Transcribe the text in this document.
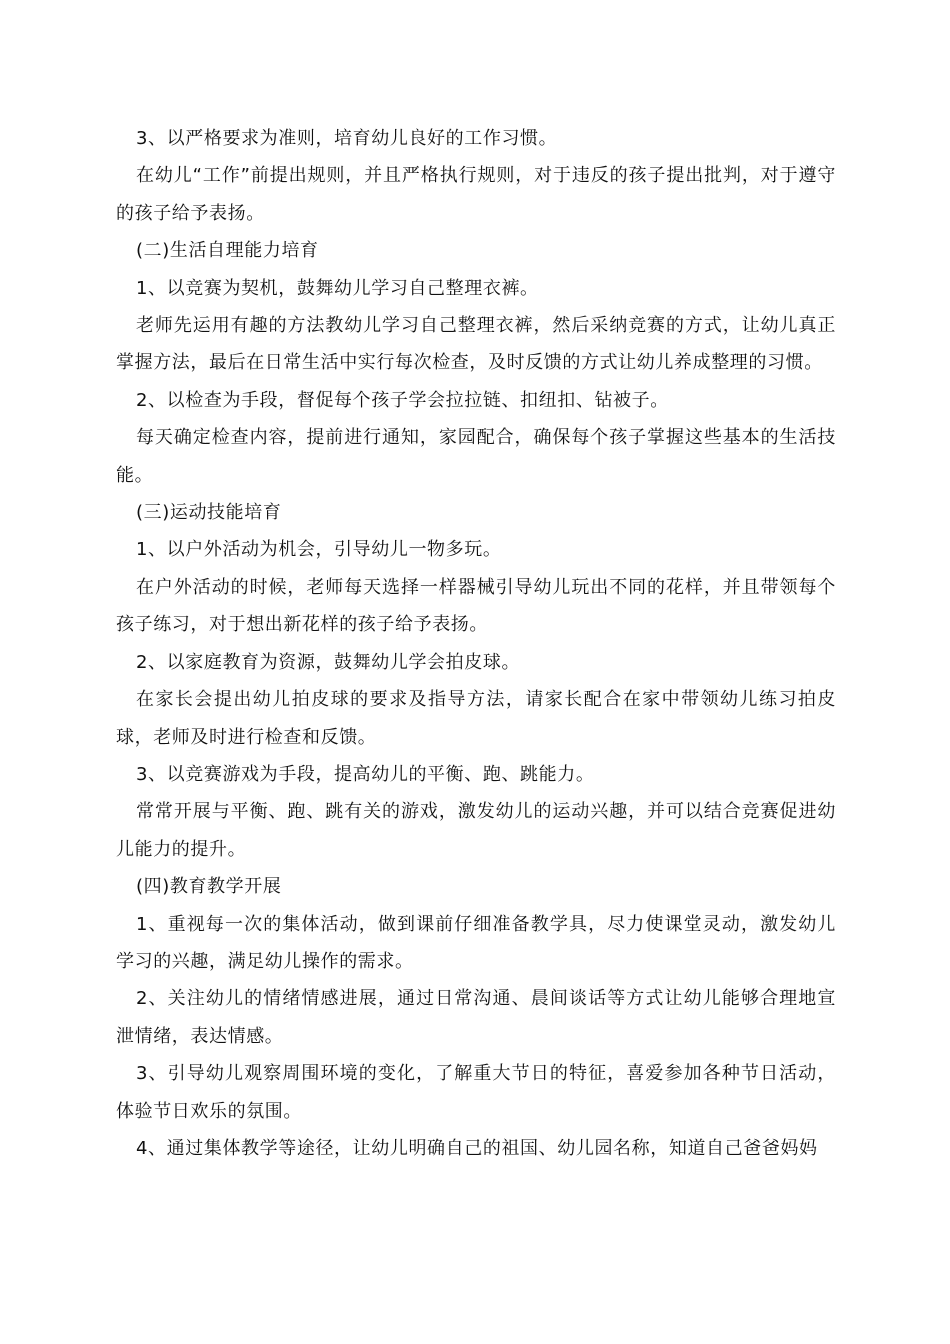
3、以严格要求为准则，培育幼儿良好的工作习惯。

在幼儿“工作”前提出规则，并且严格执行规则，对于违反的孩子提出批判，对于遵守的孩子给予表扬。

(二)生活自理能力培育

1、以竞赛为契机，鼓舞幼儿学习自己整理衣裤。

老师先运用有趣的方法教幼儿学习自己整理衣裤，然后采纳竞赛的方式，让幼儿真正掌握方法，最后在日常生活中实行每次检查，及时反馈的方式让幼儿养成整理的习惯。

2、以检查为手段，督促每个孩子学会拉拉链、扣纽扣、钻被子。

每天确定检查内容，提前进行通知，家园配合，确保每个孩子掌握这些基本的生活技能。

(三)运动技能培育

1、以户外活动为机会，引导幼儿一物多玩。

在户外活动的时候，老师每天选择一样器械引导幼儿玩出不同的花样，并且带领每个孩子练习，对于想出新花样的孩子给予表扬。

2、以家庭教育为资源，鼓舞幼儿学会拍皮球。

在家长会提出幼儿拍皮球的要求及指导方法，请家长配合在家中带领幼儿练习拍皮球，老师及时进行检查和反馈。

3、以竞赛游戏为手段，提高幼儿的平衡、跑、跳能力。

常常开展与平衡、跑、跳有关的游戏，激发幼儿的运动兴趣，并可以结合竞赛促进幼儿能力的提升。

(四)教育教学开展

1、重视每一次的集体活动，做到课前仔细准备教学具，尽力使课堂灵动，激发幼儿学习的兴趣，满足幼儿操作的需求。

2、关注幼儿的情绪情感进展，通过日常沟通、晨间谈话等方式让幼儿能够合理地宣泄情绪，表达情感。

3、引导幼儿观察周围环境的变化，了解重大节日的特征，喜爱参加各种节日活动，体验节日欢乐的氛围。

4、通过集体教学等途径，让幼儿明确自己的祖国、幼儿园名称，知道自己爸爸妈妈
